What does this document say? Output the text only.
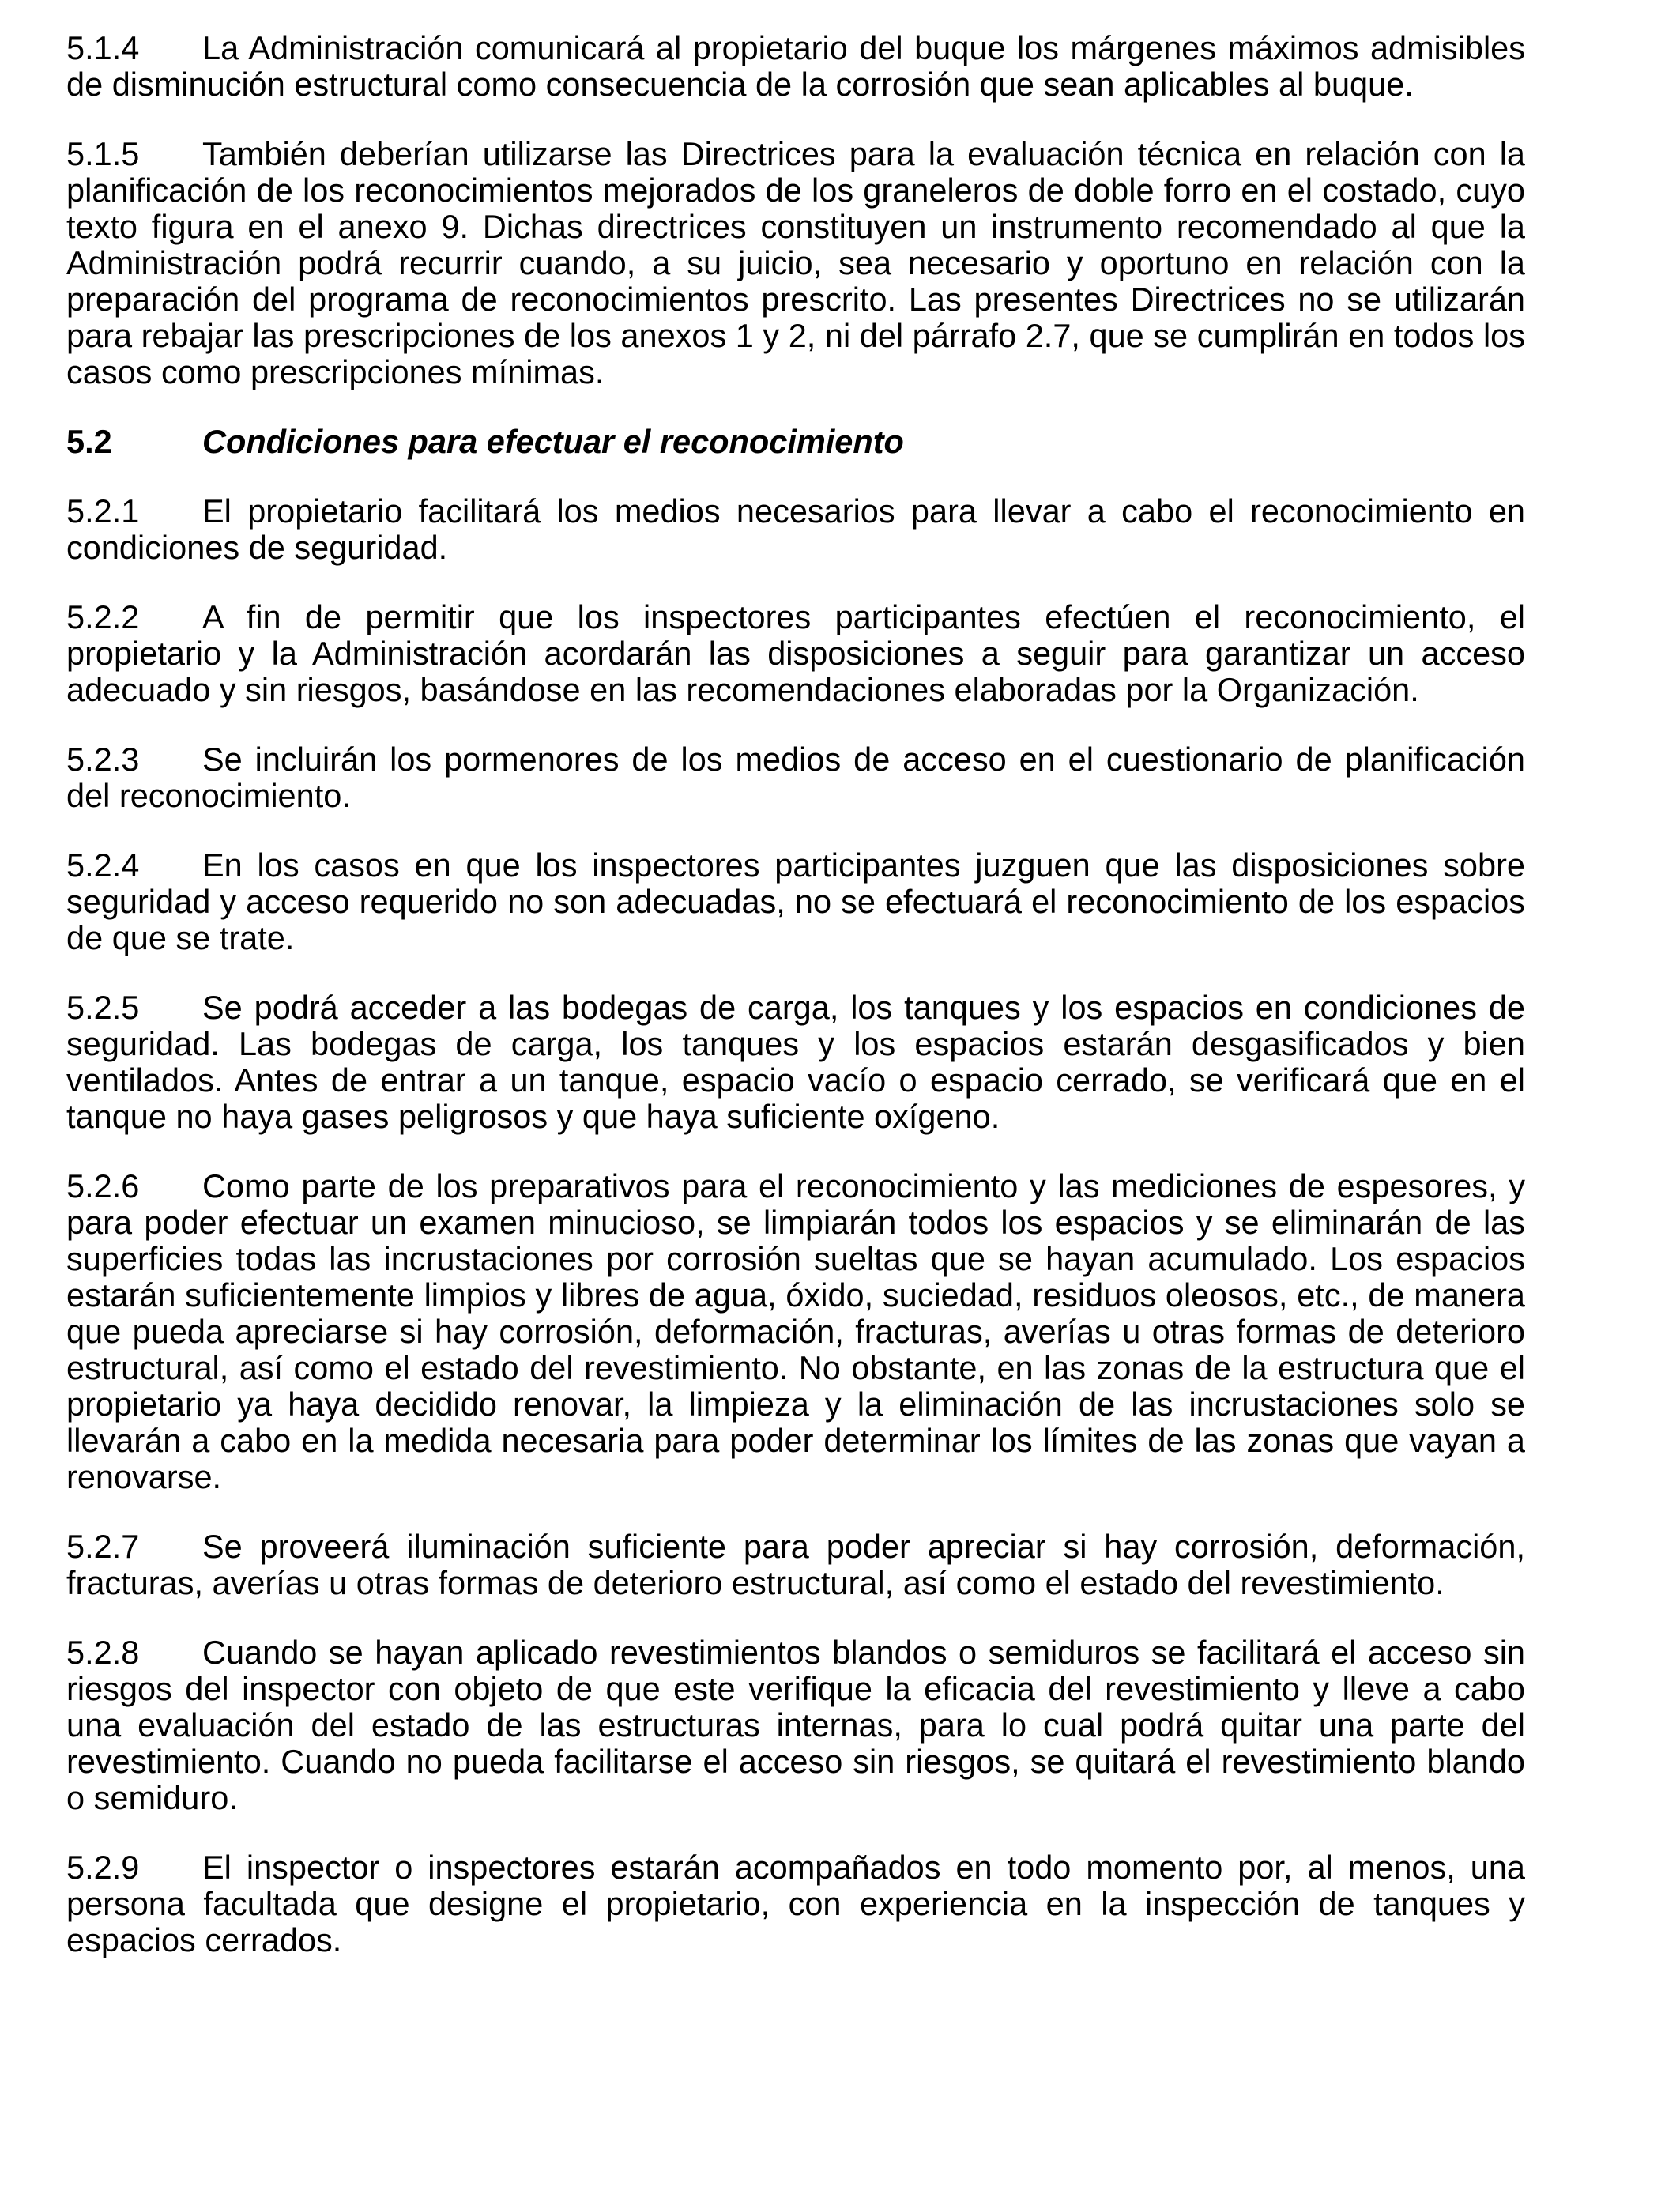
5.1.4 La Administración comunicará al propietario del buque los márgenes máximos admisibles de disminución estructural como consecuencia de la corrosión que sean aplicables al buque.

5.1.5 También deberían utilizarse las Directrices para la evaluación técnica en relación con la planificación de los reconocimientos mejorados de los graneleros de doble forro en el costado, cuyo texto figura en el anexo 9. Dichas directrices constituyen un instrumento recomendado al que la Administración podrá recurrir cuando, a su juicio, sea necesario y oportuno en relación con la preparación del programa de reconocimientos prescrito. Las presentes Directrices no se utilizarán para rebajar las prescripciones de los anexos 1 y 2, ni del párrafo 2.7, que se cumplirán en todos los casos como prescripciones mínimas.

5.2	Condiciones para efectuar el reconocimiento

5.2.1 El propietario facilitará los medios necesarios para llevar a cabo el reconocimiento en condiciones de seguridad.

5.2.2 A fin de permitir que los inspectores participantes efectúen el reconocimiento, el propietario y la Administración acordarán las disposiciones a seguir para garantizar un acceso adecuado y sin riesgos, basándose en las recomendaciones elaboradas por la Organización.

5.2.3 Se incluirán los pormenores de los medios de acceso en el cuestionario de planificación del reconocimiento.

5.2.4 En los casos en que los inspectores participantes juzguen que las disposiciones sobre seguridad y acceso requerido no son adecuadas, no se efectuará el reconocimiento de los espacios de que se trate.

5.2.5 Se podrá acceder a las bodegas de carga, los tanques y los espacios en condiciones de seguridad. Las bodegas de carga, los tanques y los espacios estarán desgasificados y bien ventilados. Antes de entrar a un tanque, espacio vacío o espacio cerrado, se verificará que en el tanque no haya gases peligrosos y que haya suficiente oxígeno.

5.2.6 Como parte de los preparativos para el reconocimiento y las mediciones de espesores, y para poder efectuar un examen minucioso, se limpiarán todos los espacios y se eliminarán de las superficies todas las incrustaciones por corrosión sueltas que se hayan acumulado. Los espacios estarán suficientemente limpios y libres de agua, óxido, suciedad, residuos oleosos, etc., de manera que pueda apreciarse si hay corrosión, deformación, fracturas, averías u otras formas de deterioro estructural, así como el estado del revestimiento. No obstante, en las zonas de la estructura que el propietario ya haya decidido renovar, la limpieza y la eliminación de las incrustaciones solo se llevarán a cabo en la medida necesaria para poder determinar los límites de las zonas que vayan a renovarse.

5.2.7 Se proveerá iluminación suficiente para poder apreciar si hay corrosión, deformación, fracturas, averías u otras formas de deterioro estructural, así como el estado del revestimiento.

5.2.8 Cuando se hayan aplicado revestimientos blandos o semiduros se facilitará el acceso sin riesgos del inspector con objeto de que este verifique la eficacia del revestimiento y lleve a cabo una evaluación del estado de las estructuras internas, para lo cual podrá quitar una parte del revestimiento. Cuando no pueda facilitarse el acceso sin riesgos, se quitará el revestimiento blando o semiduro.

5.2.9 El inspector o inspectores estarán acompañados en todo momento por, al menos, una persona facultada que designe el propietario, con experiencia en la inspección de tanques y espacios cerrados.
